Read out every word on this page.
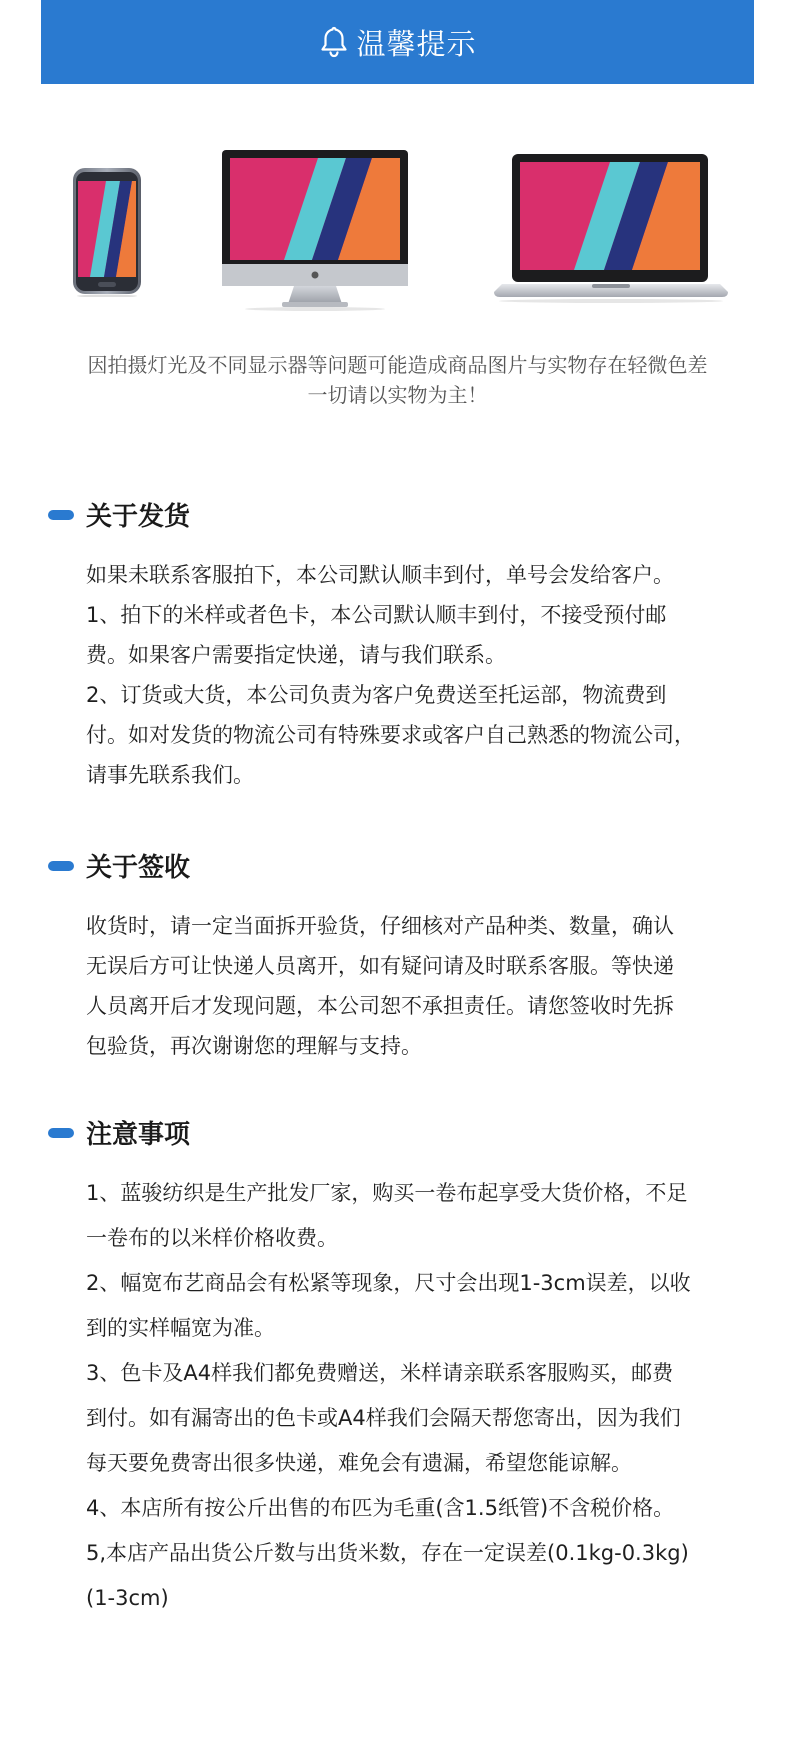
温馨提示
因拍摄灯光及不同显示器等问题可能造成商品图片与实物存在轻微色差
一切请以实物为主！
关于发货
如果未联系客服拍下，本公司默认顺丰到付，单号会发给客户。
1、拍下的米样或者色卡，本公司默认顺丰到付，不接受预付邮
费。如果客户需要指定快递，请与我们联系。
2、订货或大货，本公司负责为客户免费送至托运部，物流费到
付。如对发货的物流公司有特殊要求或客户自己熟悉的物流公司，
请事先联系我们。
关于签收
收货时，请一定当面拆开验货，仔细核对产品种类、数量，确认
无误后方可让快递人员离开，如有疑问请及时联系客服。等快递
人员离开后才发现问题，本公司恕不承担责任。请您签收时先拆
包验货，再次谢谢您的理解与支持。
注意事项
1、蓝骏纺织是生产批发厂家，购买一卷布起享受大货价格，不足
一卷布的以米样价格收费。
2、幅宽布艺商品会有松紧等现象，尺寸会出现1-3cm误差，以收
到的实样幅宽为准。
3、色卡及A4样我们都免费赠送，米样请亲联系客服购买，邮费
到付。如有漏寄出的色卡或A4样我们会隔天帮您寄出，因为我们
每天要免费寄出很多快递，难免会有遗漏，希望您能谅解。
4、本店所有按公斤出售的布匹为毛重(含1.5纸管)不含税价格。
5,本店产品出货公斤数与出货米数，存在一定误差(0.1kg-0.3kg)
(1-3cm)
